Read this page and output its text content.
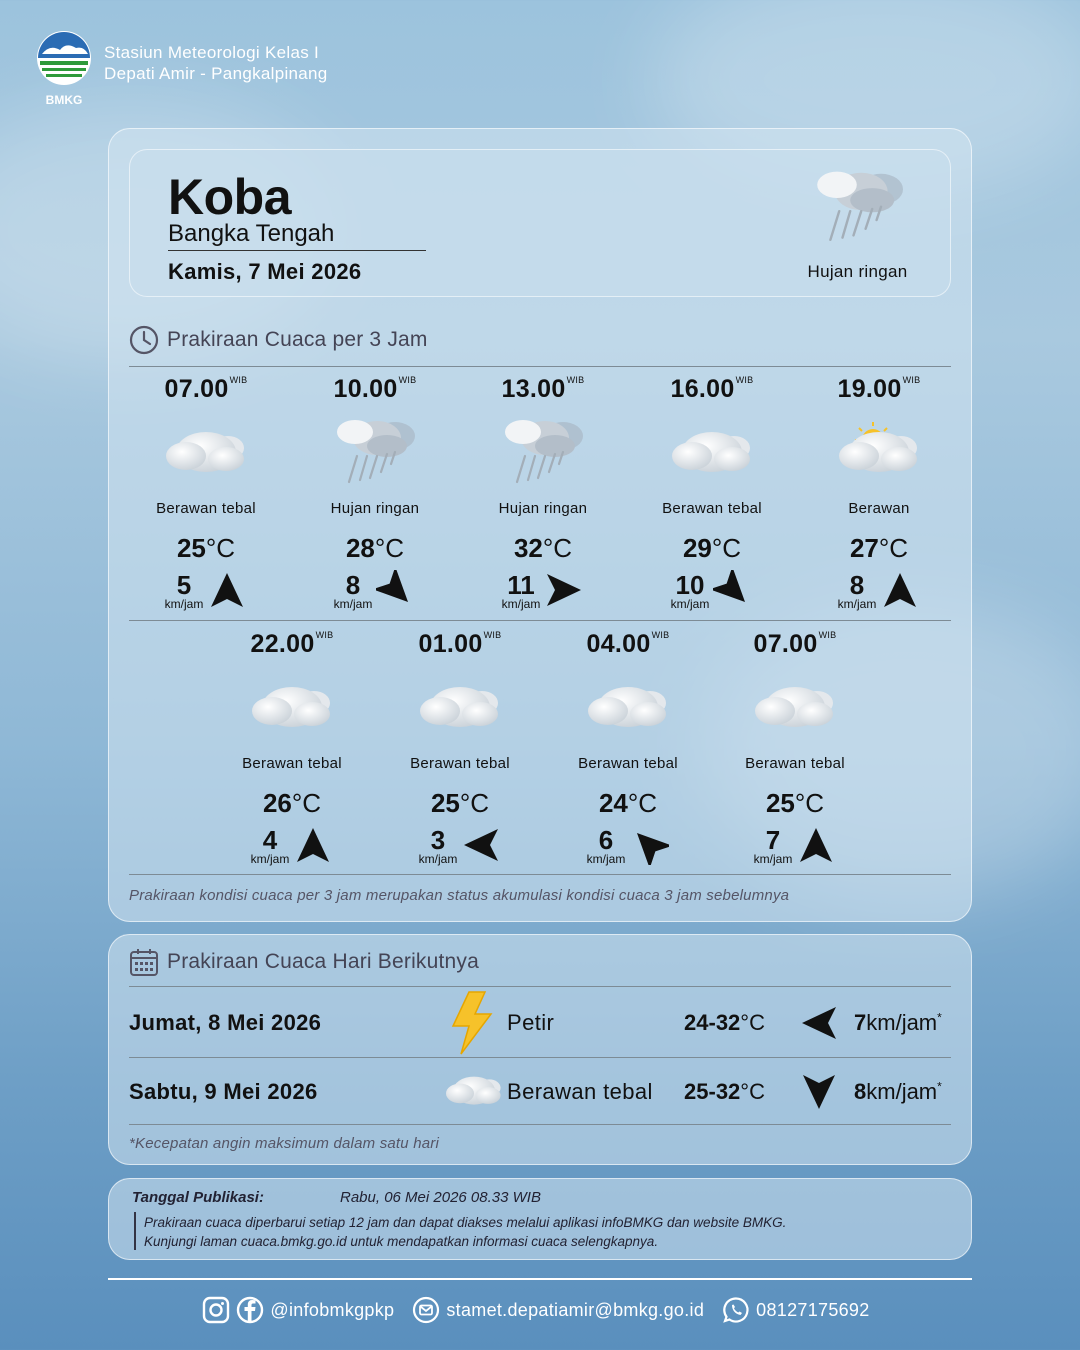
BMKG
Stasiun Meteorologi Kelas I
Depati Amir - Pangkalpinang
Koba
Bangka Tengah
Kamis, 7 Mei 2026	Hujan ringan
Prakiraan Cuaca per 3 Jam
$07.00^{WIB}$
Berawan tebal
25°C
5
km/jam
$10.00^{WIB}$
Hujan ringan
28°C
8
km/jam
$13.00^{WIB}$
Hujan ringan
32°C
11
km/jam
$16.00^{WIB}$
Berawan tebal
29°C
10
km/jam
$19.00^{WIB}$
Berawan
27°C
8
km/jam
$22.00^{WIB}$
Berawan tebal
26°C
4
km/jam
$01.00^{WIB}$
Berawan tebal
25°C
3
km/jam
$04.00^{WIB}$
Berawan tebal
24°C
6
km/jam
$07.00^{WIB}$
Berawan tebal
25°C
7
km/jam
Prakiraan kondisi cuaca per 3 jam merupakan status akumulasi kondisi cuaca 3 jam sebelumnya
Prakiraan Cuaca Hari Berikutnya
Jumat, 8 Mei 2026	Petir	24-32°C	7km/jam*
Sabtu, 9 Mei 2026	Berawan tebal 25-32°C	8km/jam*
*Kecepatan angin maksimum dalam satu hari
Tanggal Publikasi:	Rabu, 06 Mei 2026 08.33 WIB
Prakiraan cuaca diperbarui setiap 12 jam dan dapat diakses melalui aplikasi infoBMKG dan website BMKG.
Kunjungi laman cuaca.bmkg.go.id untuk mendapatkan informasi cuaca selengkapnya.
@infobmkgpkp	stamet.depatiamir@bmkg.go.id	08127175692
